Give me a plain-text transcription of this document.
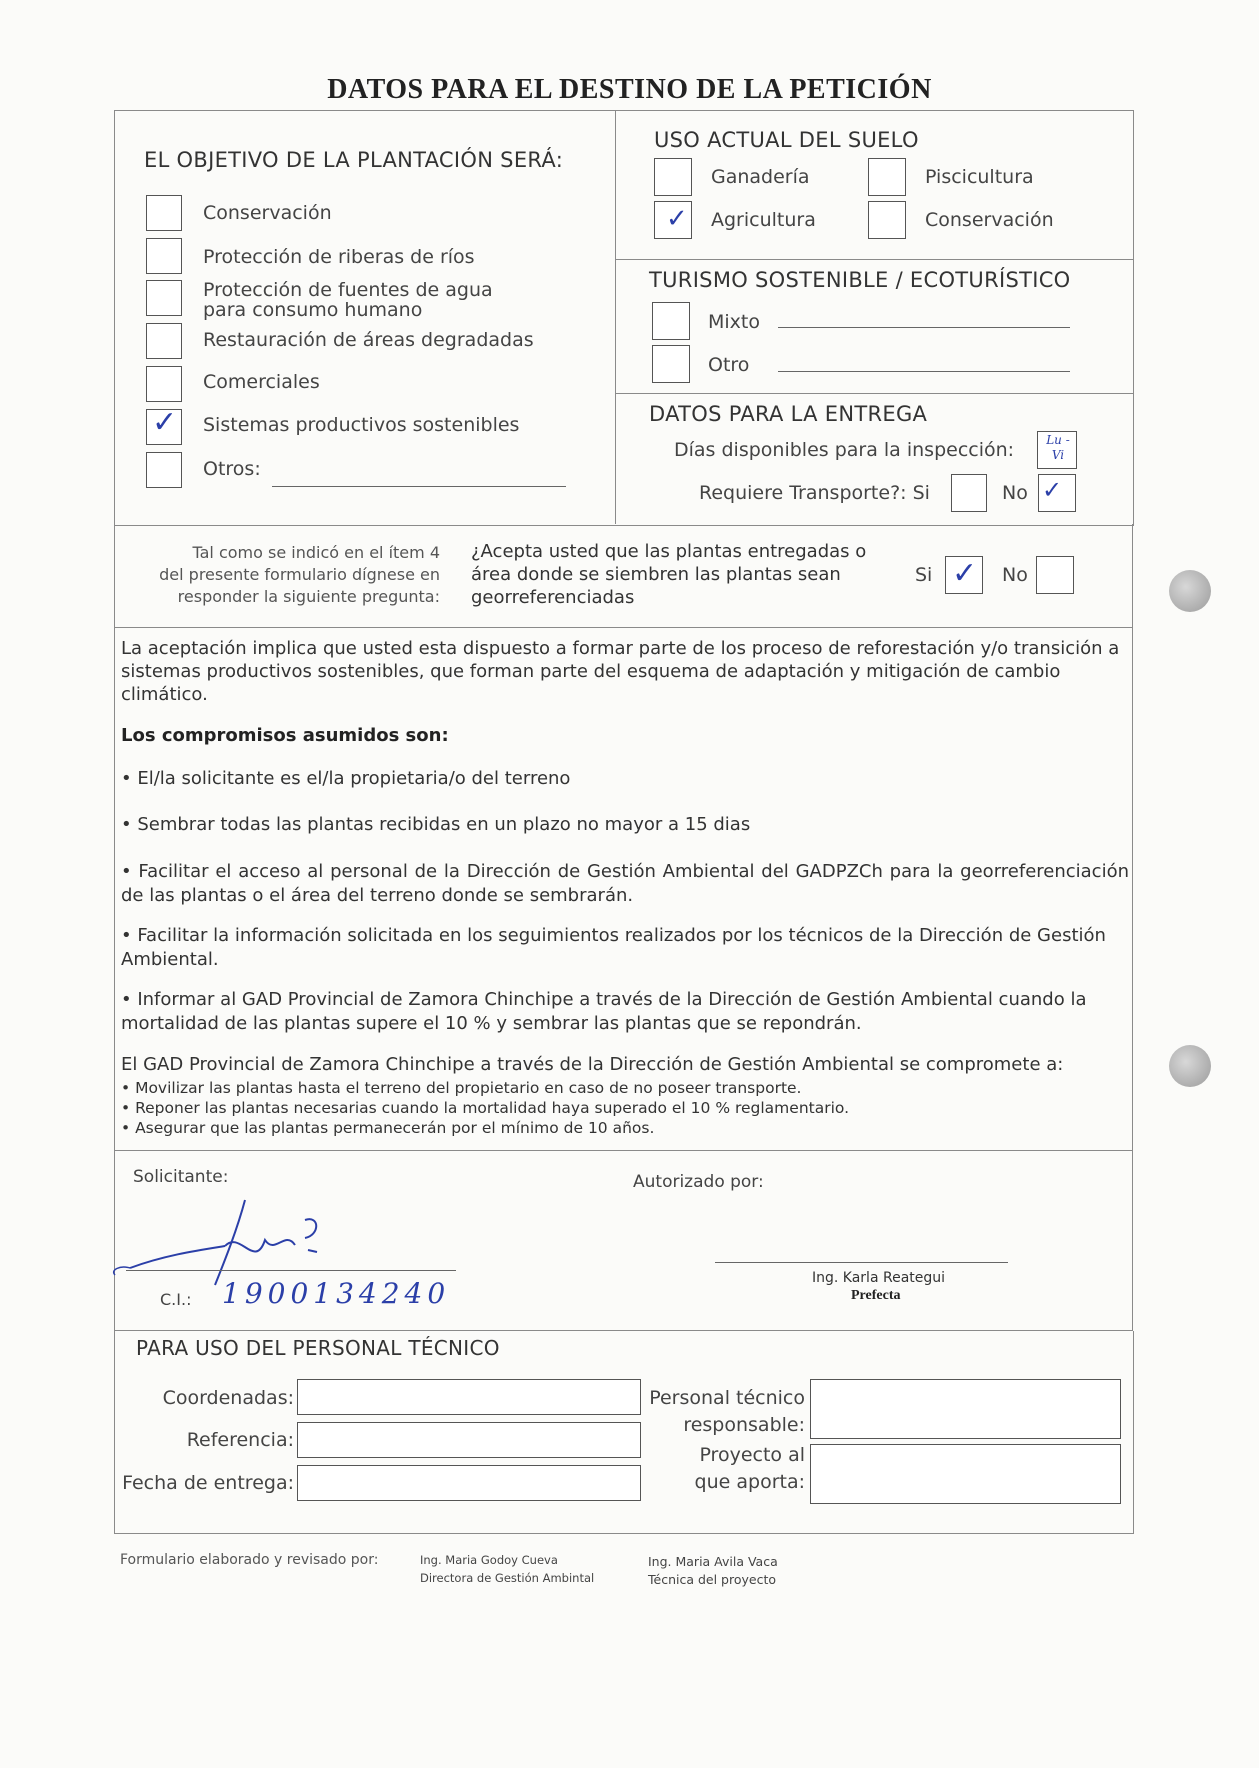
DATOS PARA EL DESTINO DE LA PETICIÓN
EL OBJETIVO DE LA PLANTACIÓN SERÁ:
Conservación
Protección de riberas de ríos
Protección de fuentes de agua
para consumo humano
Restauración de áreas degradadas
Comerciales
✓ Sistemas productivos sostenibles
Otros:
USO ACTUAL DEL SUELO
Ganadería	Piscicultura
✓ Agricultura	Conservación
TURISMO SOSTENIBLE / ECOTURÍSTICO
Mixto
Otro
DATOS PARA LA ENTREGA
Días disponibles para la inspección:	Lu - Vi
Requiere Transporte?: Si	No ✓
Tal como se indicó en el ítem 4
del presente formulario dígnese en
responder la siguiente pregunta:
¿Acepta usted que las plantas entregadas o
área donde se siembren las plantas sean
georreferenciadas
Si ✓ No
La aceptación implica que usted esta dispuesto a formar parte de los proceso de reforestación y/o transición a sistemas productivos sostenibles, que forman parte del esquema de adaptación y mitigación de cambio climático.
Los compromisos asumidos son:
• El/la solicitante es el/la propietaria/o del terreno
• Sembrar todas las plantas recibidas en un plazo no mayor a 15 dias
• Facilitar el acceso al personal de la Dirección de Gestión Ambiental del GADPZCh para la georreferenciación de las plantas o el área del terreno donde se sembrarán.
• Facilitar la información solicitada en los seguimientos realizados por los técnicos de la Dirección de Gestión Ambiental.
• Informar al GAD Provincial de Zamora Chinchipe a través de la Dirección de Gestión Ambiental cuando la mortalidad de las plantas supere el 10 % y sembrar las plantas que se repondrán.
El GAD Provincial de Zamora Chinchipe a través de la Dirección de Gestión Ambiental se compromete a:
• Movilizar las plantas hasta el terreno del propietario en caso de no poseer transporte.
• Reponer las plantas necesarias cuando la mortalidad haya superado el 10 % reglamentario.
• Asegurar que las plantas permanecerán por el mínimo de 10 años.
Solicitante:
C.I.: 1900134240
Autorizado por:
Ing. Karla Reategui
Prefecta
PARA USO DEL PERSONAL TÉCNICO
Coordenadas:
Referencia:
Fecha de entrega:
Personal técnico
responsable:
Proyecto al
que aporta:
Formulario elaborado y revisado por:	Ing. Maria Godoy Cueva
Directora de Gestión Ambintal
Ing. Maria Avila Vaca
Técnica del proyecto
